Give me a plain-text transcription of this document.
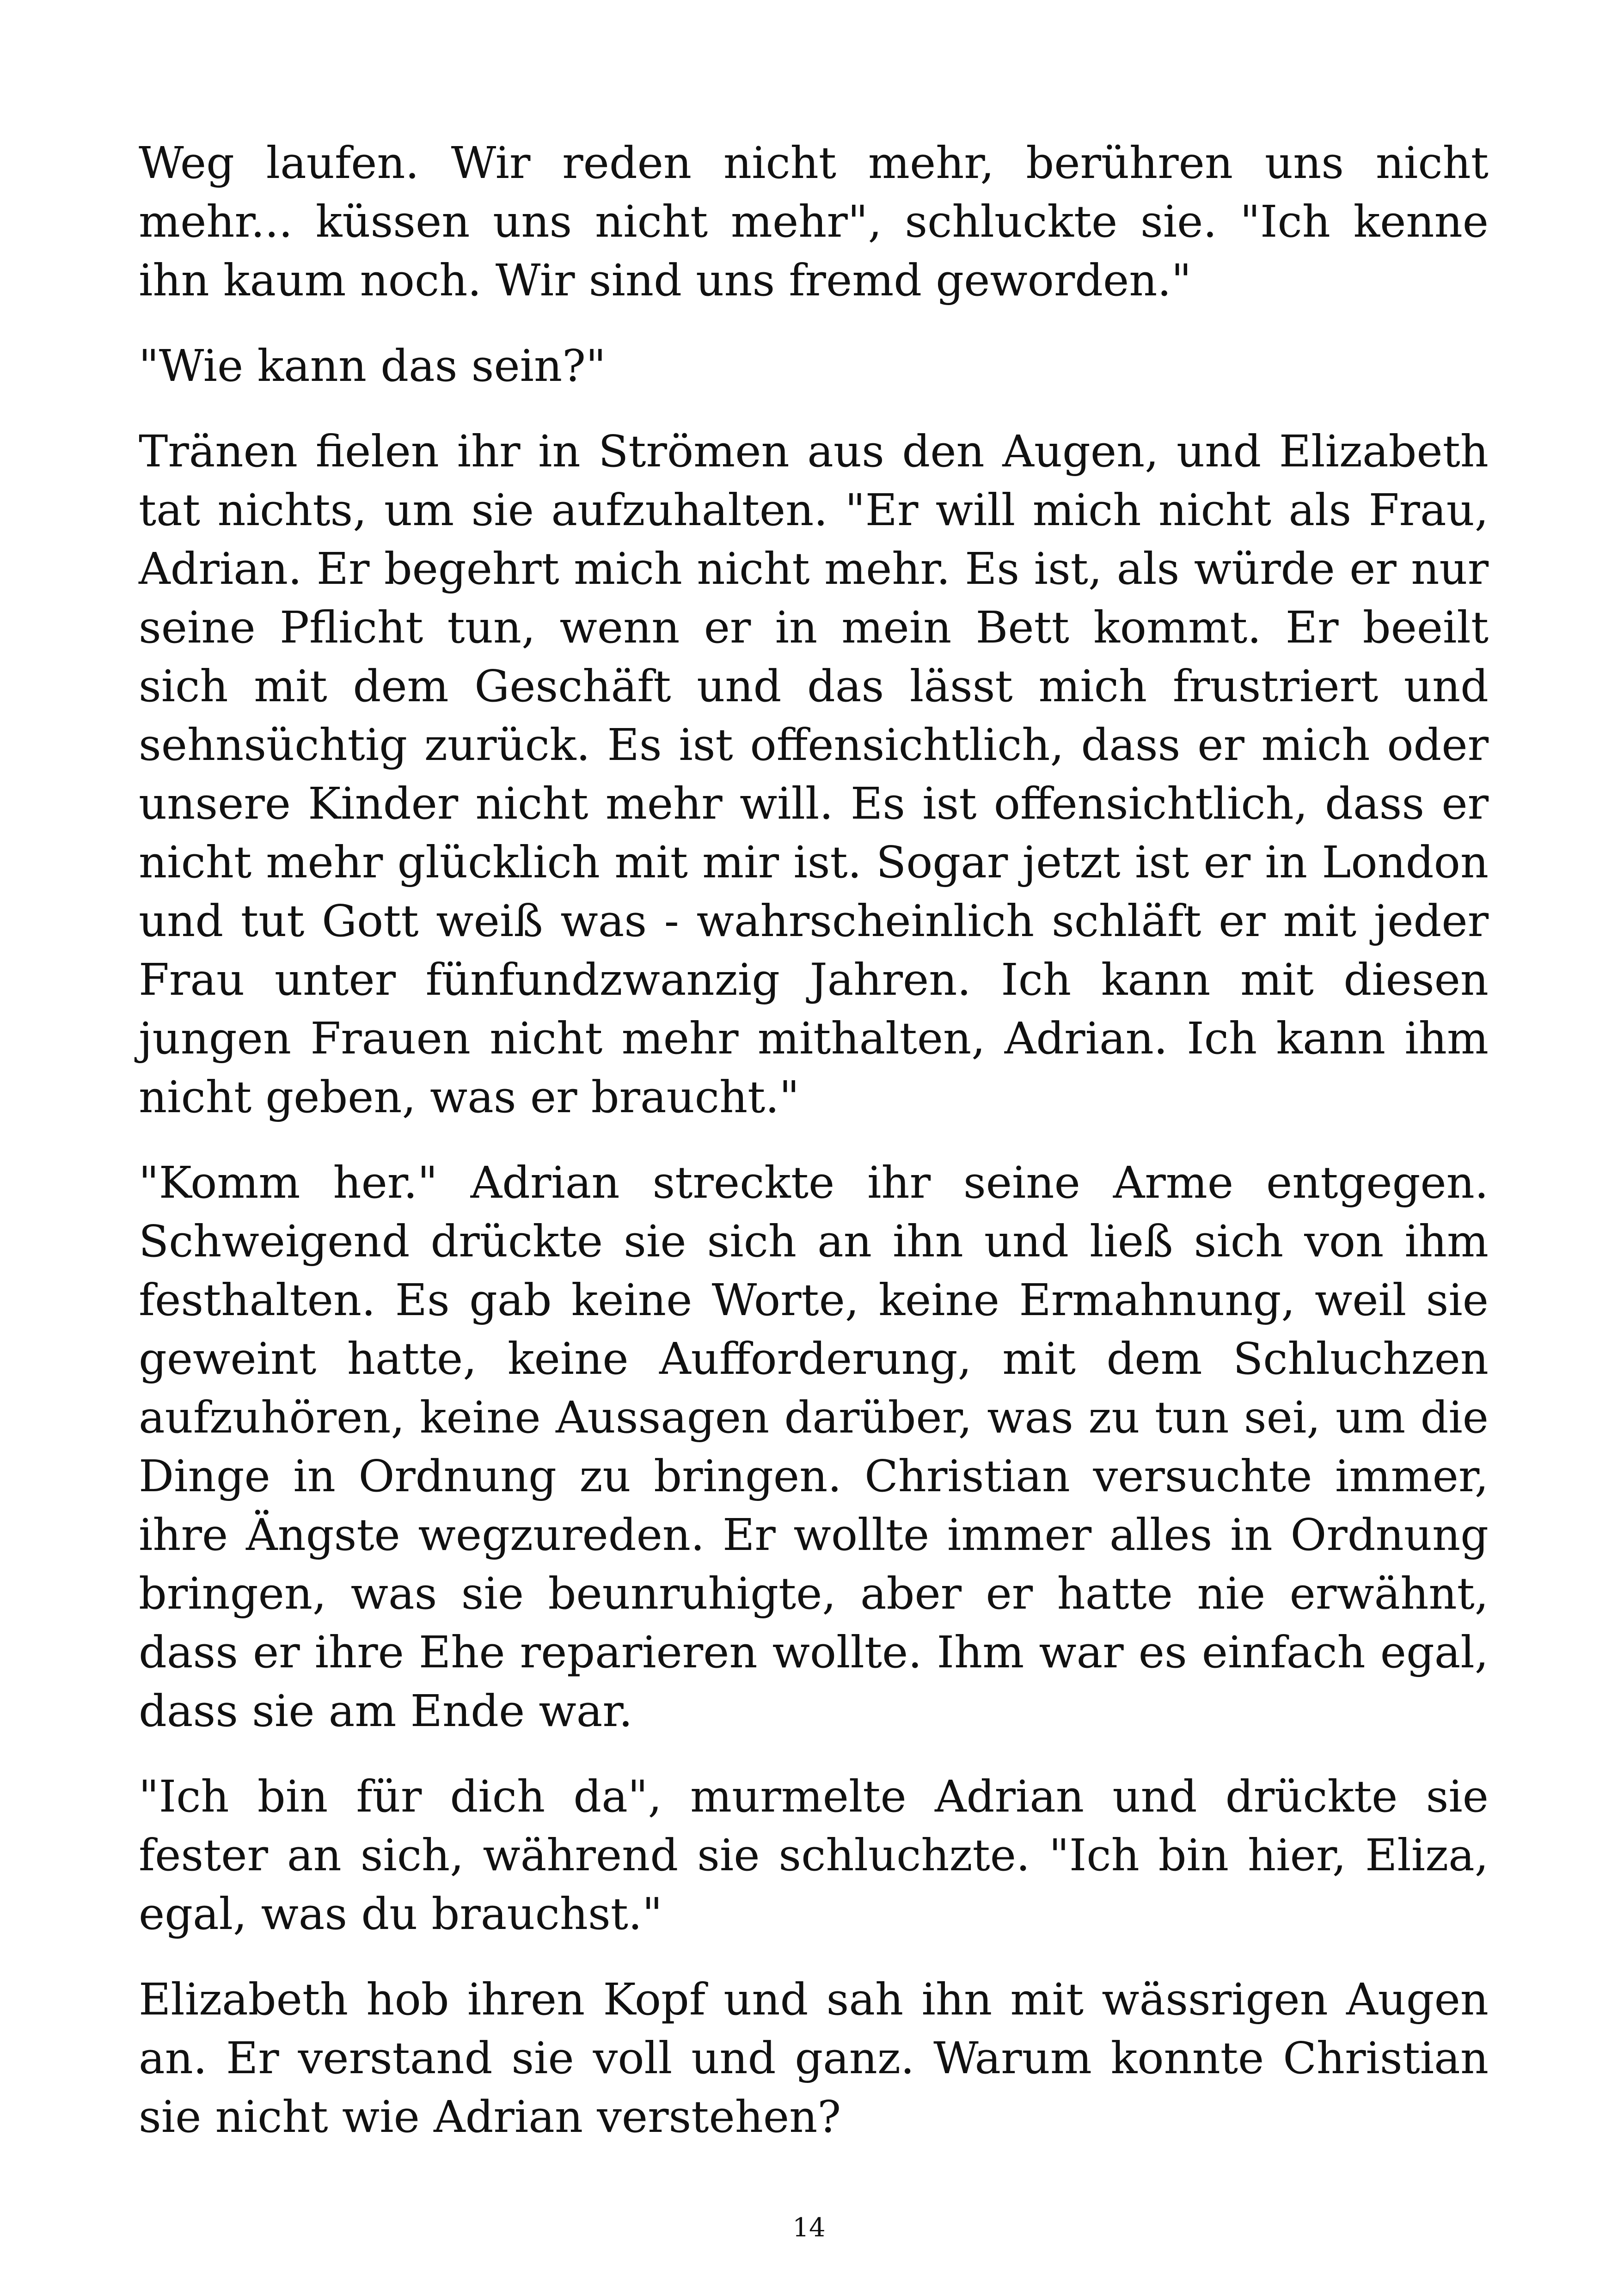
Weg laufen. Wir reden nicht mehr, berühren uns nicht mehr... küssen uns nicht mehr", schluckte sie. "Ich kenne ihn kaum noch. Wir sind uns fremd geworden."

"Wie kann das sein?"

Tränen fielen ihr in Strömen aus den Augen, und Elizabeth tat nichts, um sie aufzuhalten. "Er will mich nicht als Frau, Adrian. Er begehrt mich nicht mehr. Es ist, als würde er nur seine Pflicht tun, wenn er in mein Bett kommt. Er beeilt sich mit dem Geschäft und das lässt mich frustriert und sehnsüchtig zurück. Es ist offensichtlich, dass er mich oder unsere Kinder nicht mehr will. Es ist offensichtlich, dass er nicht mehr glücklich mit mir ist. Sogar jetzt ist er in London und tut Gott weiß was - wahrscheinlich schläft er mit jeder Frau unter fünfundzwanzig Jahren. Ich kann mit diesen jungen Frauen nicht mehr mithalten, Adrian. Ich kann ihm nicht geben, was er braucht."

"Komm her." Adrian streckte ihr seine Arme entgegen. Schweigend drückte sie sich an ihn und ließ sich von ihm festhalten. Es gab keine Worte, keine Ermahnung, weil sie geweint hatte, keine Aufforderung, mit dem Schluchzen aufzuhören, keine Aussagen darüber, was zu tun sei, um die Dinge in Ordnung zu bringen. Christian versuchte immer, ihre Ängste wegzureden. Er wollte immer alles in Ordnung bringen, was sie beunruhigte, aber er hatte nie erwähnt, dass er ihre Ehe reparieren wollte. Ihm war es einfach egal, dass sie am Ende war.

"Ich bin für dich da", murmelte Adrian und drückte sie fester an sich, während sie schluchzte. "Ich bin hier, Eliza, egal, was du brauchst."

Elizabeth hob ihren Kopf und sah ihn mit wässrigen Augen an. Er verstand sie voll und ganz. Warum konnte Christian sie nicht wie Adrian verstehen?

14
